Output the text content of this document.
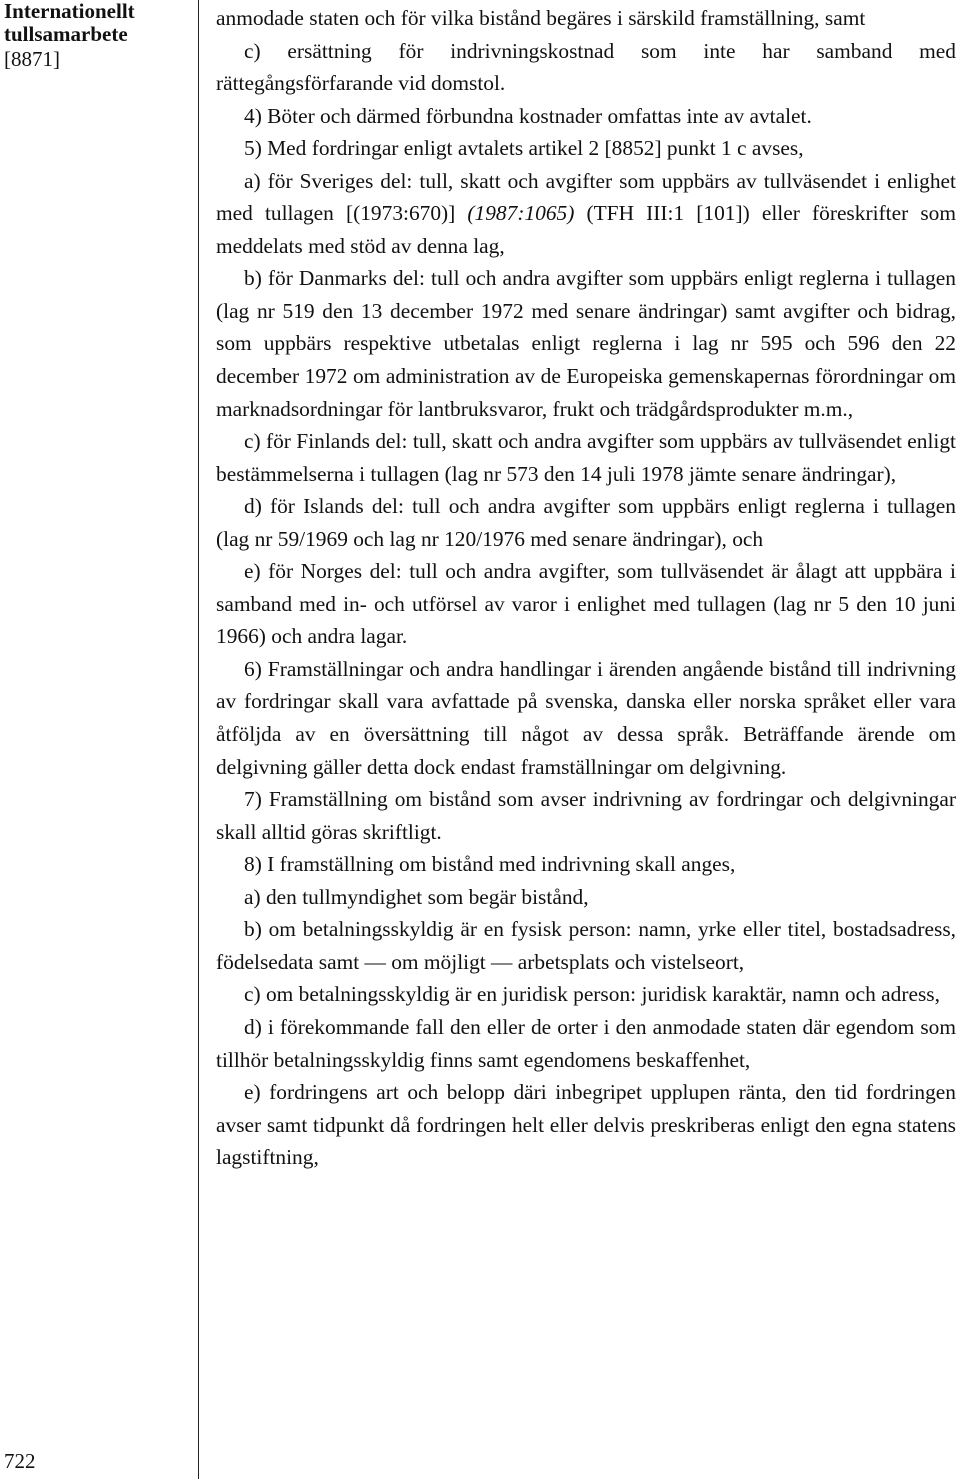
Internationellt
tullsamarbete
[8871]
722

anmodade staten och för vilka bistånd begäres i särskild framställning, samt

c) ersättning för indrivningskostnad som inte har samband med rättegångsförfarande vid domstol.

4) Böter och därmed förbundna kostnader omfattas inte av avtalet.

5) Med fordringar enligt avtalets artikel 2 [8852] punkt 1 c avses,

a) för Sveriges del: tull, skatt och avgifter som uppbärs av tullväsendet i enlighet med tullagen [(1973:670)] (1987:1065) (TFH III:1 [101]) eller föreskrifter som meddelats med stöd av denna lag,

b) för Danmarks del: tull och andra avgifter som uppbärs enligt reglerna i tullagen (lag nr 519 den 13 december 1972 med senare ändringar) samt avgifter och bidrag, som uppbärs respektive utbetalas enligt reglerna i lag nr 595 och 596 den 22 december 1972 om administration av de Europeiska gemenskapernas förordningar om marknadsordningar för lantbruksvaror, frukt och trädgårdsprodukter m.m.,

c) för Finlands del: tull, skatt och andra avgifter som uppbärs av tullväsendet enligt bestämmelserna i tullagen (lag nr 573 den 14 juli 1978 jämte senare ändringar),

d) för Islands del: tull och andra avgifter som uppbärs enligt reglerna i tullagen (lag nr 59/1969 och lag nr 120/1976 med senare ändringar), och

e) för Norges del: tull och andra avgifter, som tullväsendet är ålagt att uppbära i samband med in- och utförsel av varor i enlighet med tullagen (lag nr 5 den 10 juni 1966) och andra lagar.

6) Framställningar och andra handlingar i ärenden angående bistånd till indrivning av fordringar skall vara avfattade på svenska, danska eller norska språket eller vara åtföljda av en översättning till något av dessa språk. Beträffande ärende om delgivning gäller detta dock endast framställningar om delgivning.

7) Framställning om bistånd som avser indrivning av fordringar och delgivningar skall alltid göras skriftligt.

8) I framställning om bistånd med indrivning skall anges,

a) den tullmyndighet som begär bistånd,

b) om betalningsskyldig är en fysisk person: namn, yrke eller titel, bostadsadress, födelsedata samt — om möjligt — arbetsplats och vistelseort,

c) om betalningsskyldig är en juridisk person: juridisk karaktär, namn och adress,

d) i förekommande fall den eller de orter i den anmodade staten där egendom som tillhör betalningsskyldig finns samt egendomens beskaffenhet,

e) fordringens art och belopp däri inbegripet upplupen ränta, den tid fordringen avser samt tidpunkt då fordringen helt eller delvis preskriberas enligt den egna statens lagstiftning,
